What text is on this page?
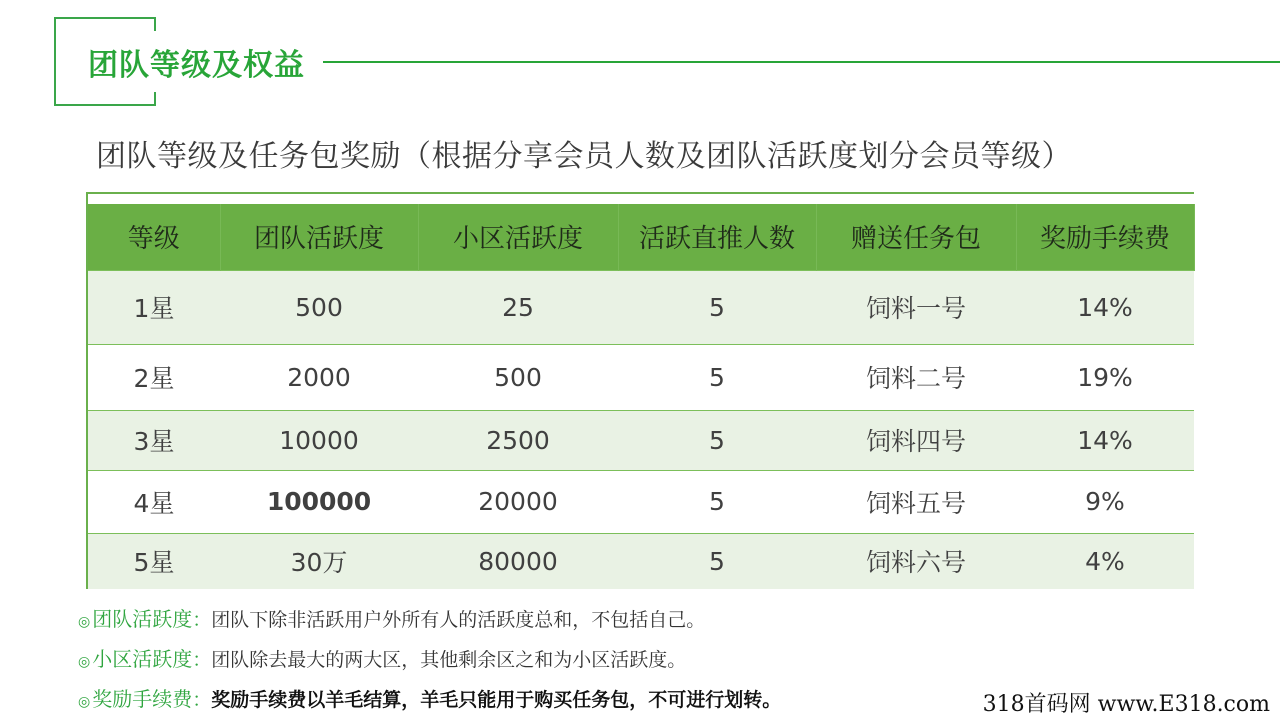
团队等级及权益
团队等级及任务包奖励（根据分享会员人数及团队活跃度划分会员等级）
等级	团队活跃度	小区活跃度	活跃直推人数	赠送任务包	奖励手续费
1星	500	25	5	饲料一号	14%
2星	2000	500	5	饲料二号	19%
3星	10000	2500	5	饲料四号	14%
4星	100000	20000	5	饲料五号	9%
5星	30万	80000	5	饲料六号	4%
◎ 团队活跃度：团队下除非活跃用户外所有人的活跃度总和，不包括自己。
◎ 小区活跃度：团队除去最大的两大区，其他剩余区之和为小区活跃度。
◎ 奖励手续费：奖励手续费以羊毛结算，羊毛只能用于购买任务包，不可进行划转。	318首码网 www.E318.com
